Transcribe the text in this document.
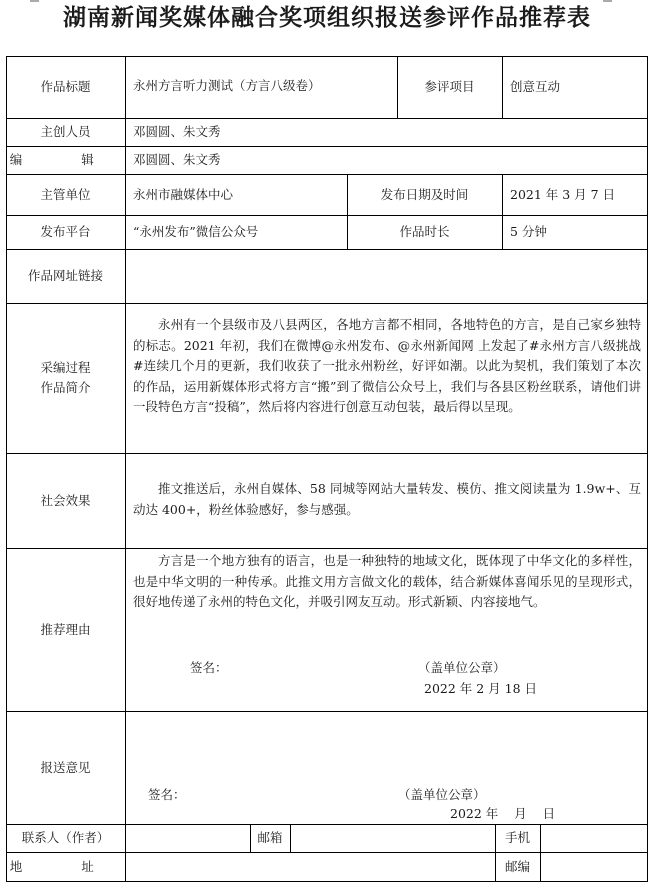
湖南新闻奖媒体融合奖项组织报送参评作品推荐表
作品标题	永州方言听力测试（方言八级卷）	参评项目	创意互动
主创人员	邓圆圆、朱文秀
编 辑 邓圆圆、朱文秀
主管单位	永州市融媒体中心	发布日期及时间	2021 年 3 月 7 日
发布平台	“永州发布”微信公众号	作品时长	5 分钟
作品网址链接
采编过程
作品简介

永州有一个县级市及八县两区，各地方言都不相同，各地特色的方言，是自己家乡独特的标志。2021 年初，我们在微博@永州发布、@永州新闻网 上发起了#永州方言八级挑战#连续几个月的更新，我们收获了一批永州粉丝，好评如潮。以此为契机，我们策划了本次的作品，运用新媒体形式将方言“搬”到了微信公众号上，我们与各县区粉丝联系，请他们讲一段特色方言“投稿”，然后将内容进行创意互动包装，最后得以呈现。

社会效果

推文推送后，永州自媒体、58 同城等网站大量转发、模仿、推文阅读量为 1.9w+、互动达 400+，粉丝体验感好，参与感强。

推荐理由

方言是一个地方独有的语言，也是一种独特的地域文化，既体现了中华文化的多样性，也是中华文明的一种传承。此推文用方言做文化的载体，结合新媒体喜闻乐见的呈现形式，很好地传递了永州的特色文化，并吸引网友互动。形式新颖、内容接地气。

签名：	（盖单位公章）
2022 年 2 月 18 日
报送意见
签名：	（盖单位公章）
2022 年    月    日
联系人（作者）	邮箱	手机
地 址	邮编
